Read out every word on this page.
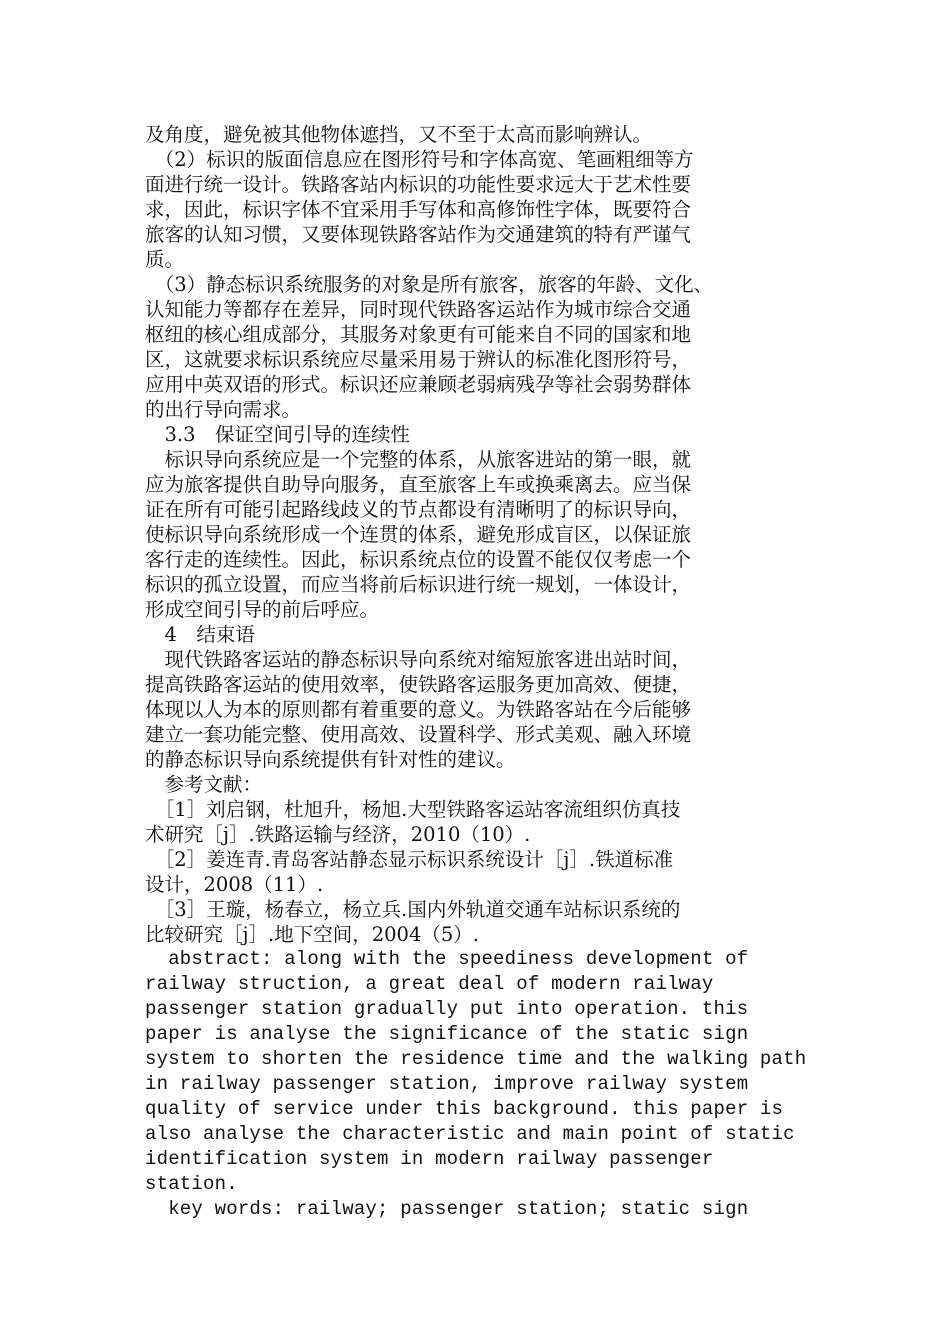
及角度，避免被其他物体遮挡，又不至于太高而影响辨认。
　（2）标识的版面信息应在图形符号和字体高宽、笔画粗细等方
面进行统一设计。铁路客站内标识的功能性要求远大于艺术性要
求，因此，标识字体不宜采用手写体和高修饰性字体，既要符合
旅客的认知习惯，又要体现铁路客站作为交通建筑的特有严谨气
质。
　（3）静态标识系统服务的对象是所有旅客，旅客的年龄、文化、
认知能力等都存在差异，同时现代铁路客运站作为城市综合交通
枢纽的核心组成部分，其服务对象更有可能来自不同的国家和地
区，这就要求标识系统应尽量采用易于辨认的标准化图形符号，
应用中英双语的形式。标识还应兼顾老弱病残孕等社会弱势群体
的出行导向需求。
　3.3　保证空间引导的连续性
　标识导向系统应是一个完整的体系，从旅客进站的第一眼，就
应为旅客提供自助导向服务，直至旅客上车或换乘离去。应当保
证在所有可能引起路线歧义的节点都设有清晰明了的标识导向，
使标识导向系统形成一个连贯的体系，避免形成盲区，以保证旅
客行走的连续性。因此，标识系统点位的设置不能仅仅考虑一个
标识的孤立设置，而应当将前后标识进行统一规划，一体设计，
形成空间引导的前后呼应。
　4　结束语
　现代铁路客运站的静态标识导向系统对缩短旅客进出站时间，
提高铁路客运站的使用效率，使铁路客运服务更加高效、便捷，
体现以人为本的原则都有着重要的意义。为铁路客站在今后能够
建立一套功能完整、使用高效、设置科学、形式美观、融入环境
的静态标识导向系统提供有针对性的建议。
　参考文献：
　［1］刘启钢，杜旭升，杨旭.大型铁路客运站客流组织仿真技
术研究［j］.铁路运输与经济，2010（10）.
　［2］姜连青.青岛客站静态显示标识系统设计［j］.铁道标准
设计，2008（11）.
　［3］王璇，杨春立，杨立兵.国内外轨道交通车站标识系统的
比较研究［j］.地下空间，2004（5）.
abstract: along with the speediness development of
railway struction, a great deal of modern railway
passenger station gradually put into operation. this
paper is analyse the significance of the static sign
system to shorten the residence time and the walking path
in railway passenger station, improve railway system
quality of service under this background. this paper is
also analyse the characteristic and main point of static
identification system in modern railway passenger
station.
key words: railway; passenger station; static sign
